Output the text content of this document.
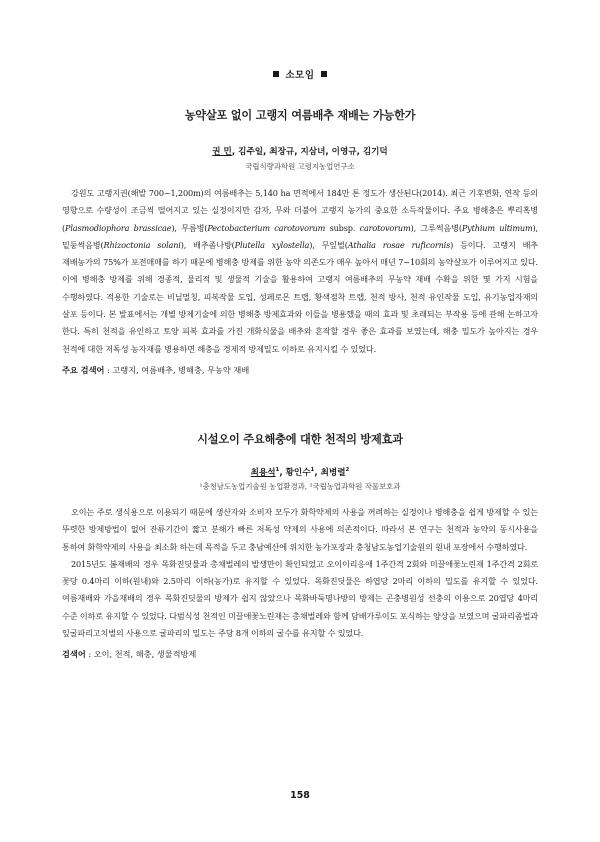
소모임

농약살포 없이 고랭지 여름배추 재배는 가능한가

권 민, 김주일, 최장규, 지삼녀, 이영규, 김기덕

국립식량과학원 고령지농업연구소

강원도 고랭지권(해발 700~1,200m)의 여름배추는 5,140 ha 면적에서 184만 톤 정도가 생산된다(2014). 최근 기후변화, 연작 등의 영향으로 수량성이 조금씩 떨어지고 있는 실정이지만 감자, 무와 더불어 고랭지 농가의 중요한 소득작물이다. 주요 병해충은 뿌리혹병(Plasmodiophora brassicae), 무름병(Pectobacterium carotovorum subsp. carotovorum), 그루썩음병(Pythium ultimum), 밑둥썩음병(Rhizoctonia solani), 배추좀나방(Plutella xylostella), 무잎벌(Athalia rosae ruficornis) 등이다. 고랭지 배추 재배농가의 75%가 포전매매를 하기 때문에 병해충 방제를 위한 농약 의존도가 매우 높아서 매년 7~10회의 농약살포가 이루어지고 있다. 이에 병해충 방제를 위해 경종적, 물리적 및 생물적 기술을 활용하여 고랭지 여름배추의 무농약 재배 수확을 위한 몇 가지 시험을 수행하였다. 적용한 기술로는 비닐멀칭, 피복작물 도입, 성페로몬 트랩, 황색점착 트랩, 천적 방사, 천적 유인작물 도입, 유기농업자재의 살포 등이다. 본 발표에서는 개별 방제기술에 의한 병해충 방제효과와 이들을 병용했을 때의 효과 및 초래되는 부작용 등에 관해 논하고자 한다. 특히 천적을 유인하고 토양 피복 효과를 가진 개화식물을 배추와 혼작할 경우 좋은 효과를 보였는데, 해충 밀도가 높아지는 경우 천적에 대한 저독성 농자재를 병용하면 해충을 경제적 방제밀도 이하로 유지시킬 수 있었다.

주요 검색어 : 고랭지, 여름배추, 병해충, 무농약 재배

시설오이 주요해충에 대한 천적의 방제효과

최용석$^1$, 황인수$^1$, 최병렬$^2$

¹충청남도농업기술원 농업환경과, ²국립농업과학원 작물보호과

오이는 주로 생식용으로 이용되기 때문에 생산자와 소비자 모두가 화학약제의 사용을 꺼려하는 실정이나 병해충을 쉽게 방제할 수 있는 뚜렷한 방제방법이 없어 잔류기간이 짧고 분해가 빠른 저독성 약제의 사용에 의존적이다. 따라서 본 연구는 천적과 농약의 동시사용을 통하여 화학약제의 사용을 최소화 하는데 목적을 두고 충남예산에 위치한 농가포장과 충청남도농업기술원의 원내 포장에서 수행하였다.

2015년도 봄재배의 경우 목화진딧물과 총채벌레의 발생만이 확인되었고 오이이리응애 1주간격 2회와 미끌애꽃노린재 1주간격 2회로 꽃당 0.4마리 이하(원내)와 2.5마리 이하(농가)로 유지할 수 있었다. 목화진딧물은 하엽당 2마리 이하의 밀도를 유지할 수 있었다. 여름재배와 가을재배의 경우 목화진딧물의 방제가 쉽지 않았으나 목화바둑명나방의 방제는 곤충병원성 선충의 이용으로 20엽당 4마리 수준 이하로 유지할 수 있었다. 다범식성 천적인 미끌애꽃노린재는 총채벌레와 함께 담배가루이도 포식하는 양상을 보였으며 굴파리좀벌과 잎굴파리고치벌의 사용으로 굴파리의 밀도는 주당 8개 이하의 굴수를 유지할 수 있었다.

검색어 : 오이, 천적, 해충, 생물적방제

158
